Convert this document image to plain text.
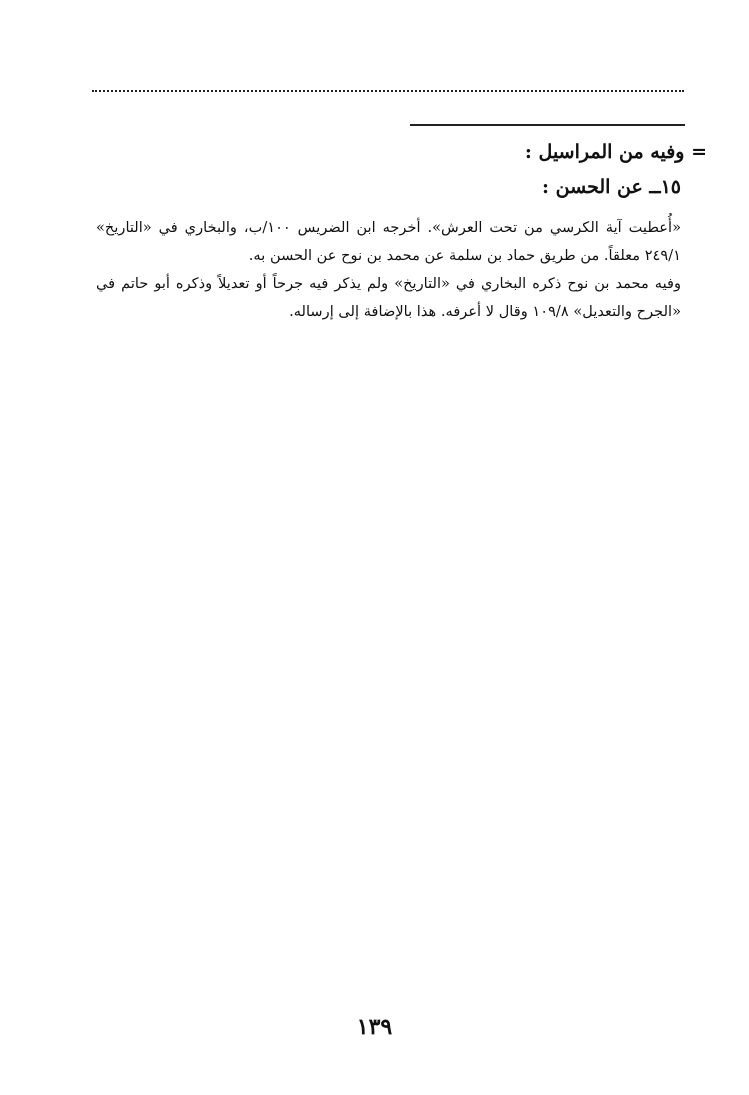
= وفيه من المراسيل :
١٥ــ عن الحسن :

«أُعطيت آية الكرسي من تحت العرش». أخرجه ابن الضريس ١٠٠/ب، والبخاري في «التاريخ» ٢٤٩/١ معلقاً. من طريق حماد بن سلمة عن محمد بن نوح عن الحسن به.

وفيه محمد بن نوح ذكره البخاري في «التاريخ» ولم يذكر فيه جرحاً أو تعديلاً وذكره أبو حاتم في «الجرح والتعديل» ١٠٩/٨ وقال لا أعرفه. هذا بالإضافة إلى إرساله.

١٣٩
